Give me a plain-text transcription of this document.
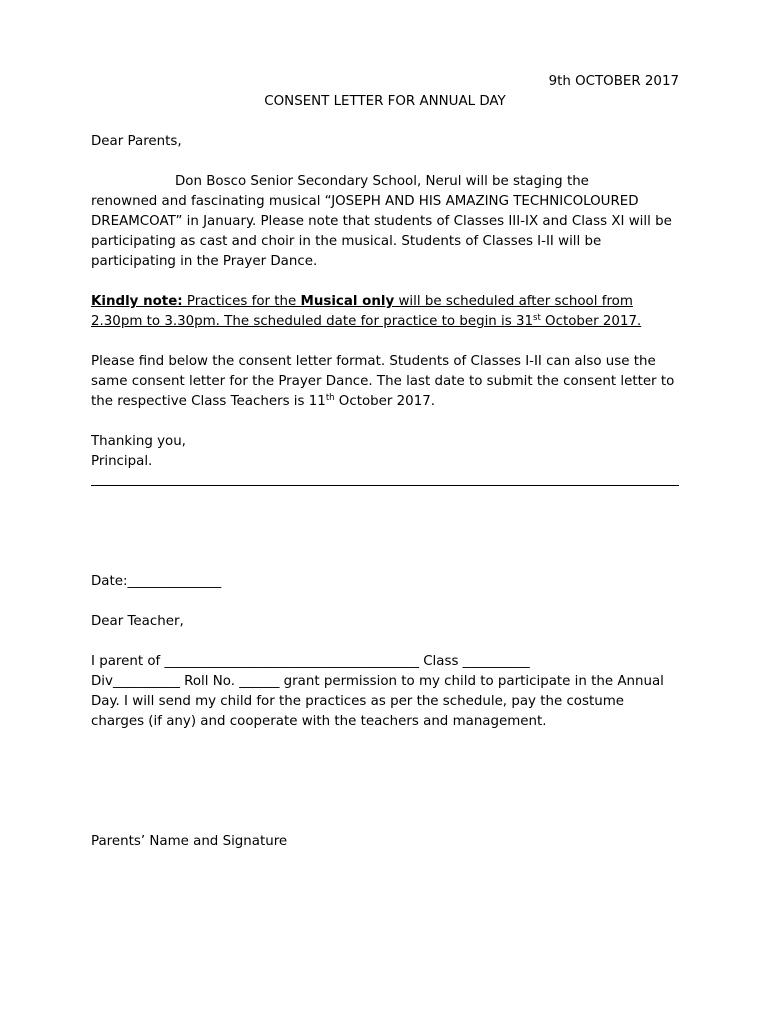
9th OCTOBER 2017
CONSENT LETTER FOR ANNUAL DAY
Dear Parents,

Don Bosco Senior Secondary School, Nerul will be staging the

renowned and fascinating musical “JOSEPH AND HIS AMAZING TECHNICOLOURED DREAMCOAT” in January. Please note that students of Classes III-IX and Class XI will be participating as cast and choir in the musical. Students of Classes I-II will be participating in the Prayer Dance.

Kindly note: Practices for the Musical only will be scheduled after school from 2.30pm to 3.30pm. The scheduled date for practice to begin is 31st October 2017.
Please find below the consent letter format. Students of Classes I-II can also use the same consent letter for the Prayer Dance. The last date to submit the consent letter to the respective Class Teachers is 11th October 2017.
Thanking you,
Principal.
Date:______________
Dear Teacher,

I parent of ______________________________________ Class __________

Div__________ Roll No. ______ grant permission to my child to participate in the Annual Day. I will send my child for the practices as per the schedule, pay the costume charges (if any) and cooperate with the teachers and management.

Parents’ Name and Signature
